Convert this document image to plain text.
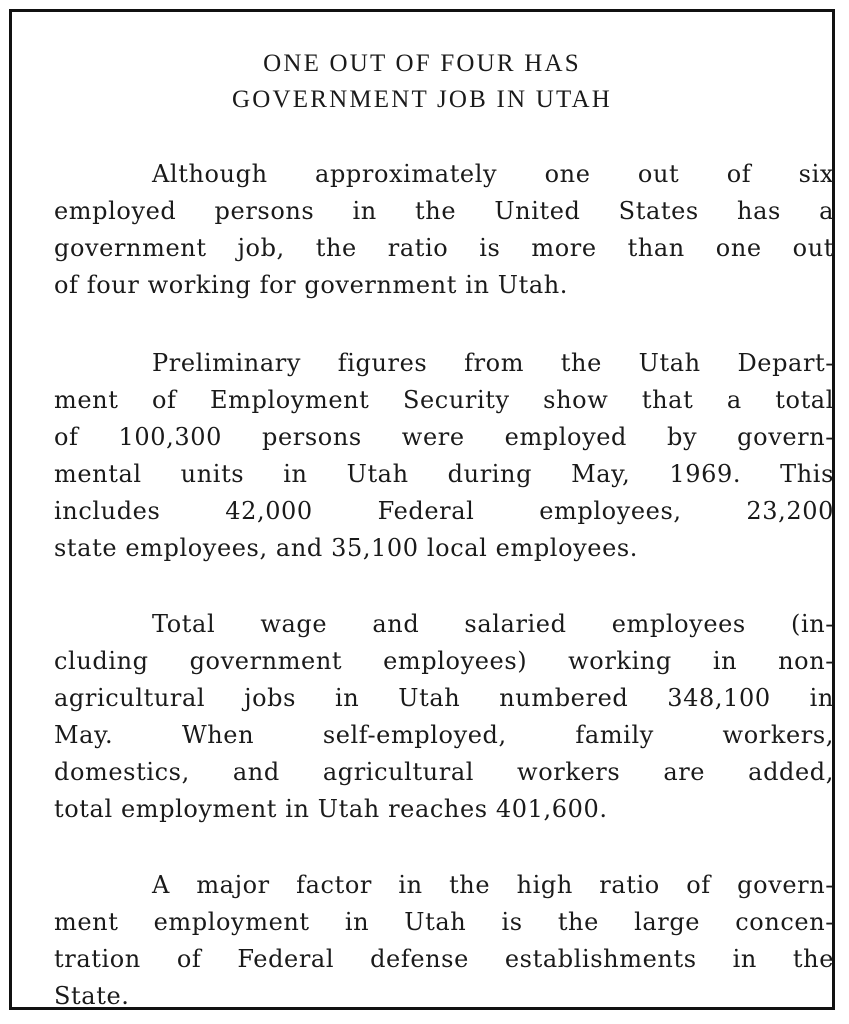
ONE OUT OF FOUR HAS
GOVERNMENT JOB IN UTAH

Although approximately one out of six
employed persons in the United States has a
government job, the ratio is more than one out
of four working for government in Utah.

Preliminary figures from the Utah Depart-
ment of Employment Security show that a total
of 100,300 persons were employed by govern-
mental units in Utah during May, 1969. This
includes 42,000 Federal employees, 23,200
state employees, and 35,100 local employees.

Total wage and salaried employees (in-
cluding government employees) working in non-
agricultural jobs in Utah numbered 348,100 in
May. When self-employed, family workers,
domestics, and agricultural workers are added,
total employment in Utah reaches 401,600.

A major factor in the high ratio of govern-
ment employment in Utah is the large concen-
tration of Federal defense establishments in the
State.
